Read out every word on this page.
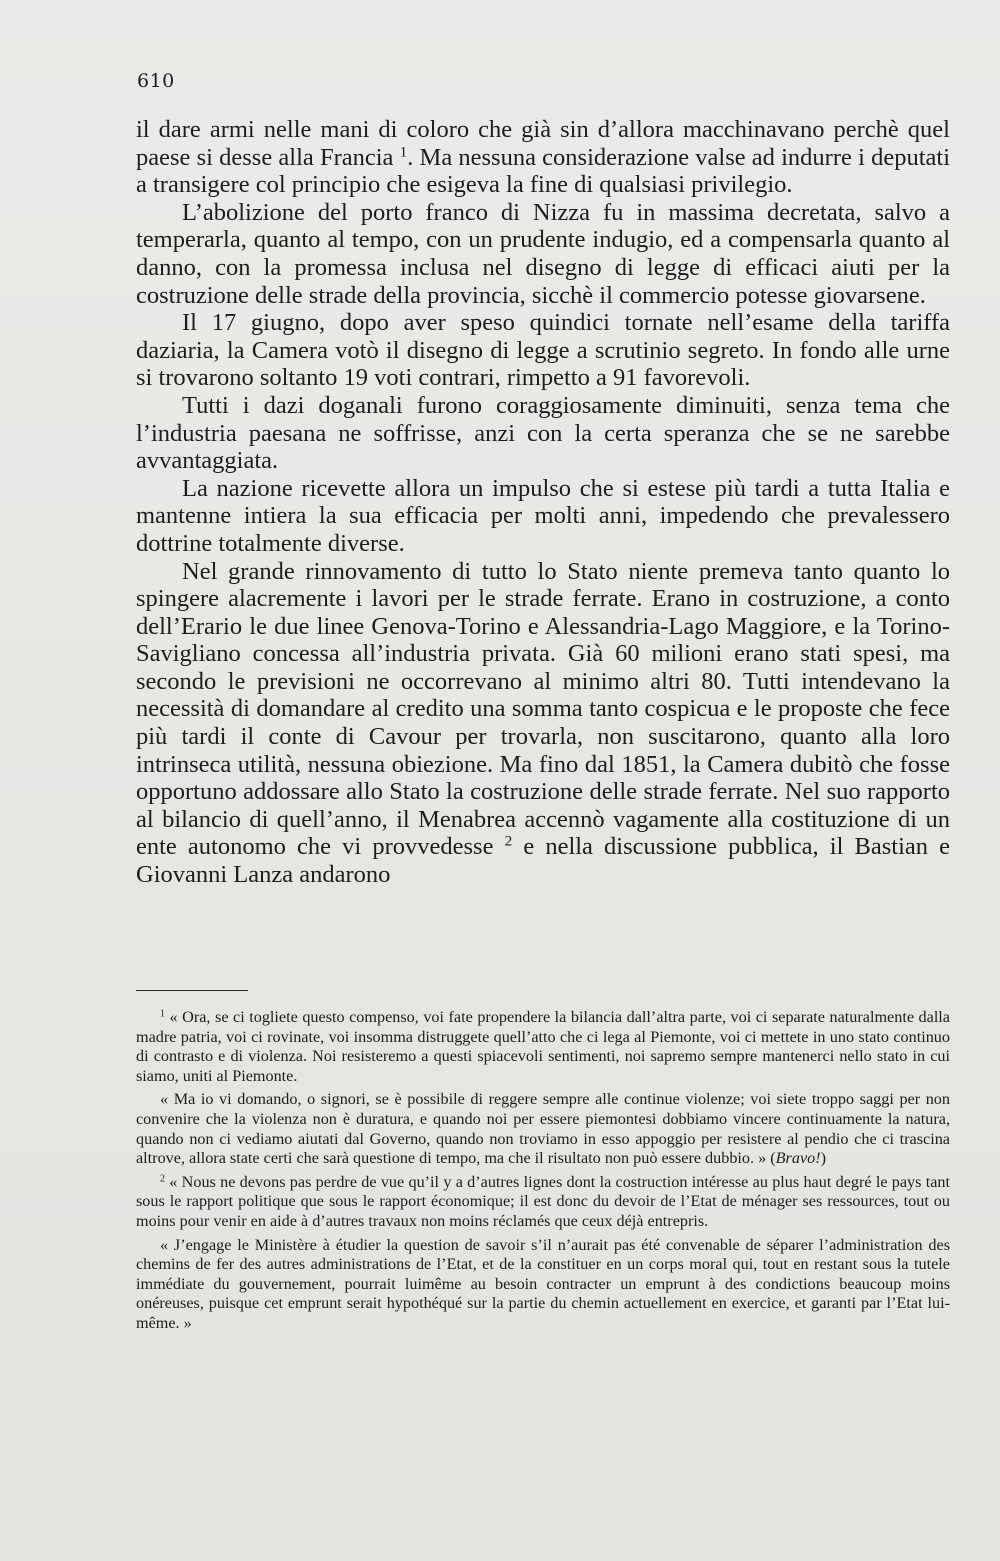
610

il dare armi nelle mani di coloro che già sin d’allora macchinavano perchè quel paese si desse alla Francia $^1$. Ma nessuna considerazione valse ad indurre i deputati a transigere col principio che esigeva la fine di qualsiasi privilegio.

L’abolizione del porto franco di Nizza fu in massima decretata, salvo a temperarla, quanto al tempo, con un prudente indugio, ed a compensarla quanto al danno, con la promessa inclusa nel disegno di legge di efficaci aiuti per la costruzione delle strade della provincia, sicchè il commercio potesse giovarsene.

Il 17 giugno, dopo aver speso quindici tornate nell’esame della tariffa daziaria, la Camera votò il disegno di legge a scrutinio segreto. In fondo alle urne si trovarono soltanto 19 voti contrari, rimpetto a 91 favorevoli.

Tutti i dazi doganali furono coraggiosamente diminuiti, senza tema che l’industria paesana ne soffrisse, anzi con la certa speranza che se ne sarebbe avvantaggiata.

La nazione ricevette allora un impulso che si estese più tardi a tutta Italia e mantenne intiera la sua efficacia per molti anni, impedendo che prevalessero dottrine totalmente diverse.

Nel grande rinnovamento di tutto lo Stato niente premeva tanto quanto lo spingere alacremente i lavori per le strade ferrate. Erano in costruzione, a conto dell’Erario le due linee Genova-Torino e Alessandria-Lago Maggiore, e la Torino-Savigliano concessa all’industria privata. Già 60 milioni erano stati spesi, ma secondo le previsioni ne occorrevano al minimo altri 80. Tutti intendevano la necessità di domandare al credito una somma tanto cospicua e le proposte che fece più tardi il conte di Cavour per trovarla, non suscitarono, quanto alla loro intrinseca utilità, nessuna obiezione. Ma fino dal 1851, la Camera dubitò che fosse opportuno addossare allo Stato la costruzione delle strade ferrate. Nel suo rapporto al bilancio di quell’anno, il Menabrea accennò vagamente alla costituzione di un ente autonomo che vi provvedesse $^2$ e nella discussione pubblica, il Bastian e Giovanni Lanza andarono

$^1$ « Ora, se ci togliete questo compenso, voi fate propendere la bilancia dall’altra parte, voi ci separate naturalmente dalla madre patria, voi ci rovinate, voi insomma distruggete quell’atto che ci lega al Piemonte, voi ci mettete in uno stato continuo di contrasto e di violenza. Noi resisteremo a questi spiacevoli sentimenti, noi sapremo sempre mantenerci nello stato in cui siamo, uniti al Piemonte.

« Ma io vi domando, o signori, se è possibile di reggere sempre alle continue violenze; voi siete troppo saggi per non convenire che la violenza non è duratura, e quando noi per essere piemontesi dobbiamo vincere continuamente la natura, quando non ci vediamo aiutati dal Governo, quando non troviamo in esso appoggio per resistere al pendio che ci trascina altrove, allora state certi che sarà questione di tempo, ma che il risultato non può essere dubbio. » (Bravo!)

$^2$ « Nous ne devons pas perdre de vue qu’il y a d’autres lignes dont la costruction intéresse au plus haut degré le pays tant sous le rapport politique que sous le rapport économique; il est donc du devoir de l’Etat de ménager ses ressources, tout ou moins pour venir en aide à d’autres travaux non moins réclamés que ceux déjà entrepris.

« J’engage le Ministère à étudier la question de savoir s’il n’aurait pas été convenable de séparer l’administration des chemins de fer des autres administrations de l’Etat, et de la constituer en un corps moral qui, tout en restant sous la tutele immédiate du gouvernement, pourrait luimême au besoin contracter un emprunt à des condictions beaucoup moins onéreuses, puisque cet emprunt serait hypothéqué sur la partie du chemin actuellement en exercice, et garanti par l’Etat lui-même. »
